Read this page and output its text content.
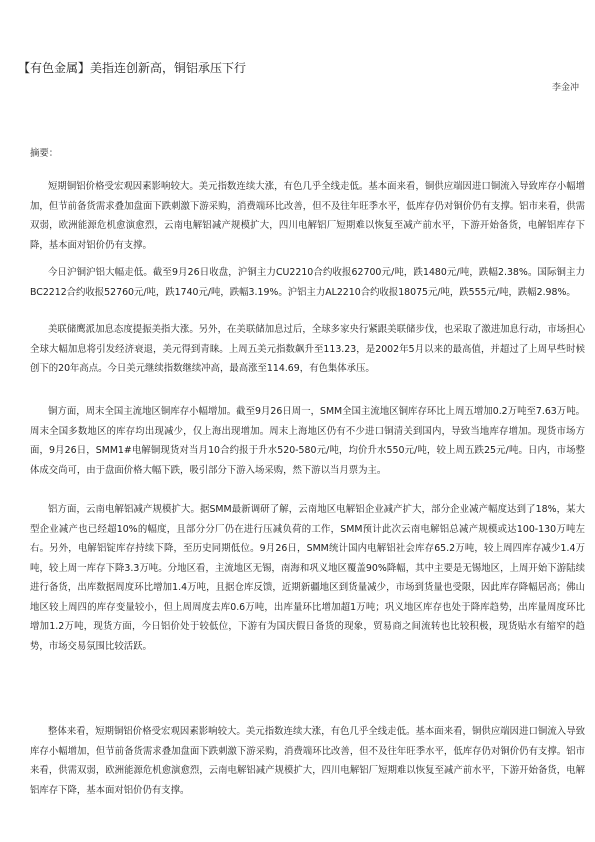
【有色金属】美指连创新高，铜铝承压下行
李金冲
摘要：

短期铜铝价格受宏观因素影响较大。美元指数连续大涨，有色几乎全线走低。基本面来看，铜供应端因进口铜流入导致库存小幅增加，但节前备货需求叠加盘面下跌刺激下游采购，消费端环比改善，但不及往年旺季水平，低库存仍对铜价仍有支撑。铝市来看，供需双弱，欧洲能源危机愈演愈烈，云南电解铝减产规模扩大，四川电解铝厂短期难以恢复至减产前水平，下游开始备货，电解铝库存下降，基本面对铝价仍有支撑。

今日沪铜沪铝大幅走低。截至9月26日收盘，沪铜主力CU2210合约收报62700元/吨，跌1480元/吨，跌幅2.38%。国际铜主力BC2212合约收报52760元/吨，跌1740元/吨，跌幅3.19%。沪铝主力AL2210合约收报18075元/吨，跌555元/吨，跌幅2.98%。

美联储鹰派加息态度提振美指大涨。另外，在美联储加息过后，全球多家央行紧跟美联储步伐，也采取了激进加息行动，市场担心全球大幅加息将引发经济衰退，美元得到青睐。上周五美元指数飙升至113.23，是2002年5月以来的最高值，并超过了上周早些时候创下的20年高点。今日美元继续指数继续冲高，最高涨至114.69，有色集体承压。

铜方面，周末全国主流地区铜库存小幅增加。截至9月26日周一，SMM全国主流地区铜库存环比上周五增加0.2万吨至7.63万吨。周末全国多数地区的库存均出现减少，仅上海出现增加。周末上海地区仍有不少进口铜清关到国内，导致当地库存增加。现货市场方面，9月26日，SMM1#电解铜现货对当月10合约报于升水520-580元/吨，均价升水550元/吨，较上周五跌25元/吨。日内，市场整体成交尚可，由于盘面价格大幅下跌，吸引部分下游入场采购，然下游以当月票为主。

铝方面，云南电解铝减产规模扩大。据SMM最新调研了解，云南地区电解铝企业减产扩大，部分企业减产幅度达到了18%，某大型企业减产也已经超10%的幅度，且部分分厂仍在进行压减负荷的工作，SMM预计此次云南电解铝总减产规模或达100-130万吨左右。另外，电解铝锭库存持续下降，至历史同期低位。9月26日，SMM统计国内电解铝社会库存65.2万吨，较上周四库存减少1.4万吨，较上周一库存下降3.3万吨。分地区看，主流地区无锡，南海和巩义地区覆盖90%降幅，其中主要是无锡地区，上周开始下游陆续进行备货，出库数据周度环比增加1.4万吨，且据仓库反馈，近期新疆地区到货量减少，市场到货量也受限，因此库存降幅居高；佛山地区较上周四的库存变量较小，但上周周度去库0.6万吨，出库量环比增加超1万吨；巩义地区库存也处于降库趋势，出库量周度环比增加1.2万吨，现货方面，今日铝价处于较低位，下游有为国庆假日备货的现象，贸易商之间流转也比较积极，现货贴水有缩窄的趋势，市场交易氛围比较活跃。

整体来看，短期铜铝价格受宏观因素影响较大。美元指数连续大涨，有色几乎全线走低。基本面来看，铜供应端因进口铜流入导致库存小幅增加，但节前备货需求叠加盘面下跌刺激下游采购，消费端环比改善，但不及往年旺季水平，低库存仍对铜价仍有支撑。铝市来看，供需双弱，欧洲能源危机愈演愈烈，云南电解铝减产规模扩大，四川电解铝厂短期难以恢复至减产前水平，下游开始备货，电解铝库存下降，基本面对铝价仍有支撑。
